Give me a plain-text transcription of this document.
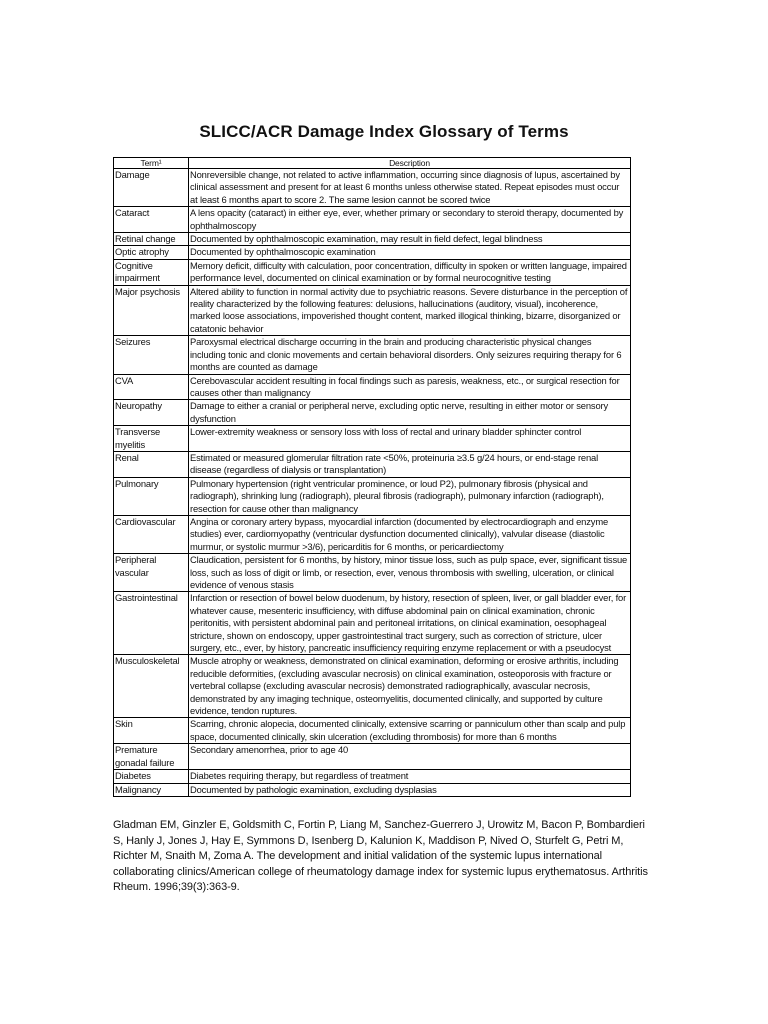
SLICC/ACR Damage Index Glossary of Terms
Term¹	Description
Damage	Nonreversible change, not related to active inflammation, occurring since diagnosis of lupus, ascertained by clinical assessment and present for at least 6 months unless otherwise stated. Repeat episodes must occur at least 6 months apart to score 2. The same lesion cannot be scored twice
Cataract	A lens opacity (cataract) in either eye, ever, whether primary or secondary to steroid therapy, documented by ophthalmoscopy
Retinal change	Documented by ophthalmoscopic examination, may result in field defect, legal blindness
Optic atrophy	Documented by ophthalmoscopic examination
Cognitive impairment	Memory deficit, difficulty with calculation, poor concentration, difficulty in spoken or written language, impaired performance level, documented on clinical examination or by formal neurocognitive testing
Major psychosis	Altered ability to function in normal activity due to psychiatric reasons. Severe disturbance in the perception of reality characterized by the following features: delusions, hallucinations (auditory, visual), incoherence, marked loose associations, impoverished thought content, marked illogical thinking, bizarre, disorganized or catatonic behavior
Seizures	Paroxysmal electrical discharge occurring in the brain and producing characteristic physical changes including tonic and clonic movements and certain behavioral disorders. Only seizures requiring therapy for 6 months are counted as damage
CVA	Cerebovascular accident resulting in focal findings such as paresis, weakness, etc., or surgical resection for causes other than malignancy
Neuropathy	Damage to either a cranial or peripheral nerve, excluding optic nerve, resulting in either motor or sensory dysfunction
Transverse myelitis	Lower-extremity weakness or sensory loss with loss of rectal and urinary bladder sphincter control
Renal	Estimated or measured glomerular filtration rate <50%, proteinuria ≥3.5 g/24 hours, or end-stage renal disease (regardless of dialysis or transplantation)
Pulmonary	Pulmonary hypertension (right ventricular prominence, or loud P2), pulmonary fibrosis (physical and radiograph), shrinking lung (radiograph), pleural fibrosis (radiograph), pulmonary infarction (radiograph), resection for cause other than malignancy
Cardiovascular	Angina or coronary artery bypass, myocardial infarction (documented by electrocardiograph and enzyme studies) ever, cardiomyopathy (ventricular dysfunction documented clinically), valvular disease (diastolic murmur, or systolic murmur >3/6), pericarditis for 6 months, or pericardiectomy
Peripheral vascular	Claudication, persistent for 6 months, by history, minor tissue loss, such as pulp space, ever, significant tissue loss, such as loss of digit or limb, or resection, ever, venous thrombosis with swelling, ulceration, or clinical evidence of venous stasis
Gastrointestinal	Infarction or resection of bowel below duodenum, by history, resection of spleen, liver, or gall bladder ever, for whatever cause, mesenteric insufficiency, with diffuse abdominal pain on clinical examination, chronic peritonitis, with persistent abdominal pain and peritoneal irritations, on clinical examination, oesophageal stricture, shown on endoscopy, upper gastrointestinal tract surgery, such as correction of stricture, ulcer surgery, etc., ever, by history, pancreatic insufficiency requiring enzyme replacement or with a pseudocyst
Musculoskeletal	Muscle atrophy or weakness, demonstrated on clinical examination, deforming or erosive arthritis, including reducible deformities, (excluding avascular necrosis) on clinical examination, osteoporosis with fracture or vertebral collapse (excluding avascular necrosis) demonstrated radiographically, avascular necrosis, demonstrated by any imaging technique, osteomyelitis, documented clinically, and supported by culture evidence, tendon ruptures.
Skin	Scarring, chronic alopecia, documented clinically, extensive scarring or panniculum other than scalp and pulp space, documented clinically, skin ulceration (excluding thrombosis) for more than 6 months
Premature gonadal failure	Secondary amenorrhea, prior to age 40
Diabetes	Diabetes requiring therapy, but regardless of treatment
Malignancy	Documented by pathologic examination, excluding dysplasias
Gladman EM, Ginzler E, Goldsmith C, Fortin P, Liang M, Sanchez-Guerrero J, Urowitz M, Bacon P, Bombardieri S, Hanly J, Jones J, Hay E, Symmons D, Isenberg D, Kalunion K, Maddison P, Nived O, Sturfelt G, Petri M, Richter M, Snaith M, Zoma A. The development and initial validation of the systemic lupus international collaborating clinics/American college of rheumatology damage index for systemic lupus erythematosus. Arthritis Rheum. 1996;39(3):363-9.
